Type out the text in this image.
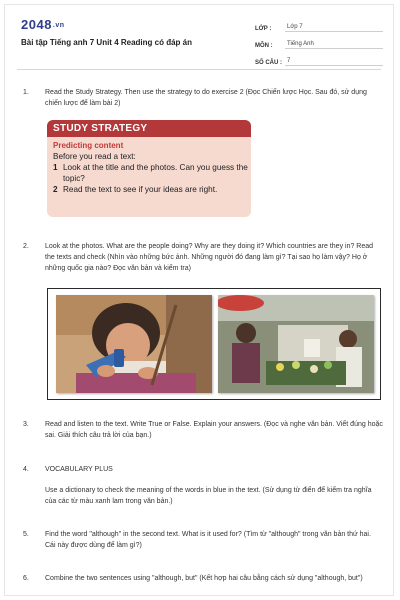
2048.vn
Bài tập Tiếng anh 7 Unit 4 Reading có đáp án
LỚP :	Lớp 7
MÔN :	Tiếng Anh
SỐ CÂU : 7
1.	Read the Study Strategy. Then use the strategy to do exercise 2 (Đọc Chiến lược Học. Sau đó, sử dụng chiến lược để làm bài 2)
STUDY STRATEGY
Predicting content
Before you read a text:
1 Look at the title and the photos. Can you guess the topic?
2 Read the text to see if your ideas are right.
2.	Look at the photos. What are the people doing? Why are they doing it? Which countries are they in? Read the texts and check (Nhìn vào những bức ảnh. Những người đó đang làm gì? Tại sao họ làm vậy? Họ ở những quốc gia nào? Đọc văn bản và kiểm tra)
3.	Read and listen to the text. Write True or False. Explain your answers. (Đọc và nghe văn bản. Viết đúng hoặc sai. Giải thích câu trả lời của bạn.)
4.	VOCABULARY PLUS
Use a dictionary to check the meaning of the words in blue in the text. (Sử dụng từ điển để kiểm tra nghĩa của các từ màu xanh lam trong văn bản.)
5.	Find the word "although" in the second text. What is it used for? (Tìm từ "although" trong văn bản thứ hai. Cái này được dùng để làm gì?)
6.	Combine the two sentences using "although, but" (Kết hợp hai câu bằng cách sử dụng "although, but")
